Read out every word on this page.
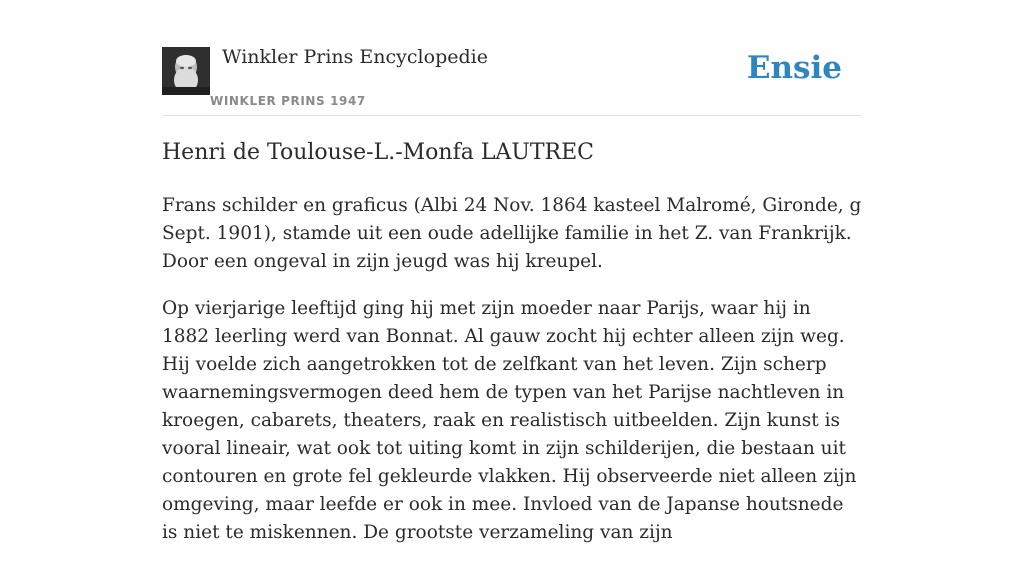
Winkler Prins Encyclopedie
WINKLER PRINS 1947
Ensie
Henri de Toulouse-L.-Monfa LAUTREC

Frans schilder en graficus (Albi 24 Nov. 1864 kasteel Malromé, Gironde, g Sept. 1901), stamde uit een oude adellijke familie in het Z. van Frankrijk. Door een ongeval in zijn jeugd was hij kreupel.

Op vierjarige leeftijd ging hij met zijn moeder naar Parijs, waar hij in 1882 leerling werd van Bonnat. Al gauw zocht hij echter alleen zijn weg. Hij voelde zich aangetrokken tot de zelfkant van het leven. Zijn scherp waarnemingsvermogen deed hem de typen van het Parijse nachtleven in kroegen, cabarets, theaters, raak en realistisch uitbeelden. Zijn kunst is vooral lineair, wat ook tot uiting komt in zijn schilderijen, die bestaan uit contouren en grote fel gekleurde vlakken. Hij observeerde niet alleen zijn omgeving, maar leefde er ook in mee. Invloed van de Japanse houtsnede is niet te miskennen. De grootste verzameling van zijn
